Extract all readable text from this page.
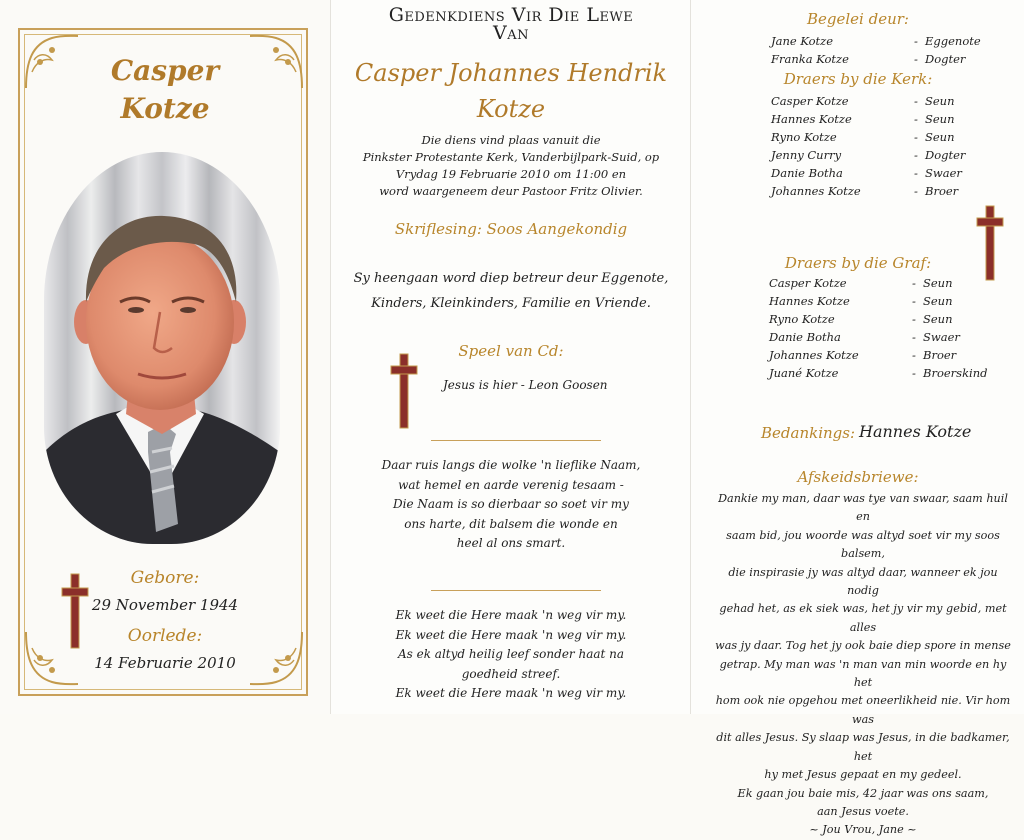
Casper
Kotze
Gebore:
29 November 1944
Oorlede:
14 Februarie 2010
Gedenkdiens Vir Die Lewe
Van
Casper Johannes Hendrik
Kotze
Die diens vind plaas vanuit die
Pinkster Protestante Kerk, Vanderbijlpark-Suid, op
Vrydag 19 Februarie 2010 om 11:00 en
word waargeneem deur Pastoor Fritz Olivier.
Skriflesing: Soos Aangekondig
Sy heengaan word diep betreur deur Eggenote,
Kinders, Kleinkinders, Familie en Vriende.
Speel van Cd:
Jesus is hier - Leon Goosen
Daar ruis langs die wolke 'n lieflike Naam,
wat hemel en aarde verenig tesaam -
Die Naam is so dierbaar so soet vir my
ons harte, dit balsem die wonde en
heel al ons smart.
Ek weet die Here maak 'n weg vir my.
Ek weet die Here maak 'n weg vir my.
As ek altyd heilig leef sonder haat na
goedheid streef.
Ek weet die Here maak 'n weg vir my.
Begelei deur:
Jane Kotze	- Eggenote
Franka Kotze	- Dogter
Draers by die Kerk:
Casper Kotze	- Seun
Hannes Kotze	- Seun
Ryno Kotze	- Seun
Jenny Curry	- Dogter
Danie Botha	- Swaer
Johannes Kotze	- Broer
Draers by die Graf:
Casper Kotze	- Seun
Hannes Kotze	- Seun
Ryno Kotze	- Seun
Danie Botha	- Swaer
Johannes Kotze	- Broer
Juané Kotze	- Broerskind
Bedankings: Hannes Kotze
Afskeidsbriewe:
Dankie my man, daar was tye van swaar, saam huil en
saam bid, jou woorde was altyd soet vir my soos balsem,
die inspirasie jy was altyd daar, wanneer ek jou nodig
gehad het, as ek siek was, het jy vir my gebid, met alles
was jy daar. Tog het jy ook baie diep spore in mense
getrap. My man was 'n man van min woorde en hy het
hom ook nie opgehou met oneerlikheid nie. Vir hom was
dit alles Jesus. Sy slaap was Jesus, in die badkamer, het
hy met Jesus gepaat en my gedeel.
Ek gaan jou baie mis, 42 jaar was ons saam,
aan Jesus voete.
~ Jou Vrou, Jane ~
